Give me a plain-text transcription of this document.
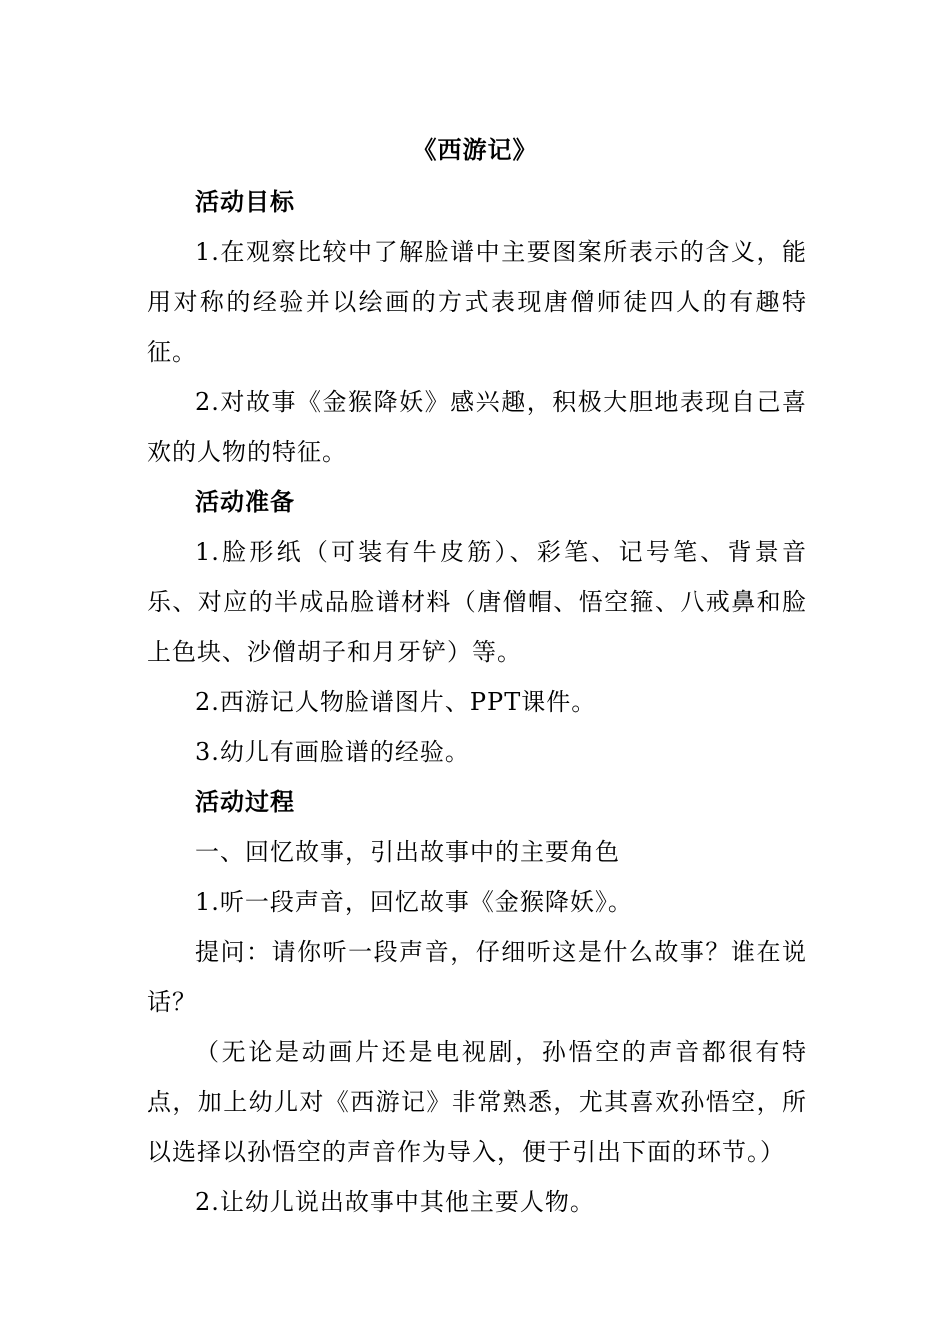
《西游记》

活动目标

1.在观察比较中了解脸谱中主要图案所表示的含义，能用对称的经验并以绘画的方式表现唐僧师徒四人的有趣特征。

2.对故事《金猴降妖》感兴趣，积极大胆地表现自己喜欢的人物的特征。

活动准备

1.脸形纸（可装有牛皮筋）、彩笔、记号笔、背景音乐、对应的半成品脸谱材料（唐僧帽、悟空箍、八戒鼻和脸上色块、沙僧胡子和月牙铲）等。

2.西游记人物脸谱图片、PPT课件。

3.幼儿有画脸谱的经验。

活动过程

一、回忆故事，引出故事中的主要角色

1.听一段声音，回忆故事《金猴降妖》。

提问：请你听一段声音，仔细听这是什么故事？谁在说话？

（无论是动画片还是电视剧，孙悟空的声音都很有特点，加上幼儿对《西游记》非常熟悉，尤其喜欢孙悟空，所以选择以孙悟空的声音作为导入，便于引出下面的环节。）

2.让幼儿说出故事中其他主要人物。
